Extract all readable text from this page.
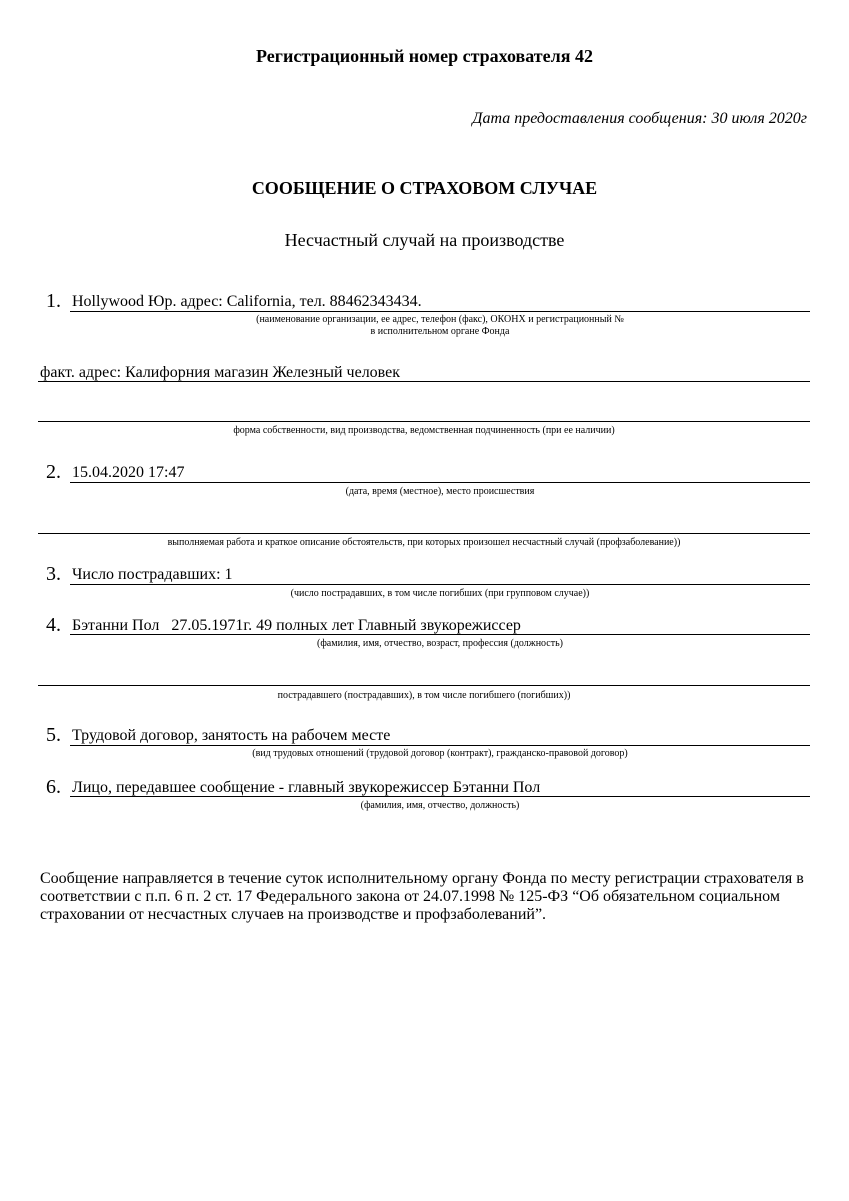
Регистрационный номер страхователя 42
Дата предоставления сообщения: 30 июля 2020г
СООБЩЕНИЕ О СТРАХОВОМ СЛУЧАЕ
Несчастный случай на производстве
1. Hollywood Юр. адрес: California, тел. 88462343434.
(наименование организации, ее адрес, телефон (факс), ОКОНХ и регистрационный №
в исполнительном органе Фонда
факт. адрес: Калифорния магазин Железный человек
форма собственности, вид производства, ведомственная подчиненность (при ее наличии)
2. 15.04.2020 17:47
(дата, время (местное), место происшествия
выполняемая работа и краткое описание обстоятельств, при которых произошел несчастный случай (профзаболевание))
3. Число пострадавших: 1
(число пострадавших, в том числе погибших (при групповом случае))
4. Бэтанни Пол   27.05.1971г. 49 полных лет Главный звукорежиссер
(фамилия, имя, отчество, возраст, профессия (должность)
пострадавшего (пострадавших), в том числе погибшего (погибших))
5. Трудовой договор, занятость на рабочем месте
(вид трудовых отношений (трудовой договор (контракт), гражданско-правовой договор)
6. Лицо, передавшее сообщение - главный звукорежиссер Бэтанни Пол
(фамилия, имя, отчество, должность)
Сообщение направляется в течение суток исполнительному органу Фонда по месту регистрации страхователя в соответствии с п.п. 6 п. 2 ст. 17 Федерального закона от 24.07.1998 № 125-ФЗ “Об обязательном социальном страховании от несчастных случаев на производстве и профзаболеваний”.
